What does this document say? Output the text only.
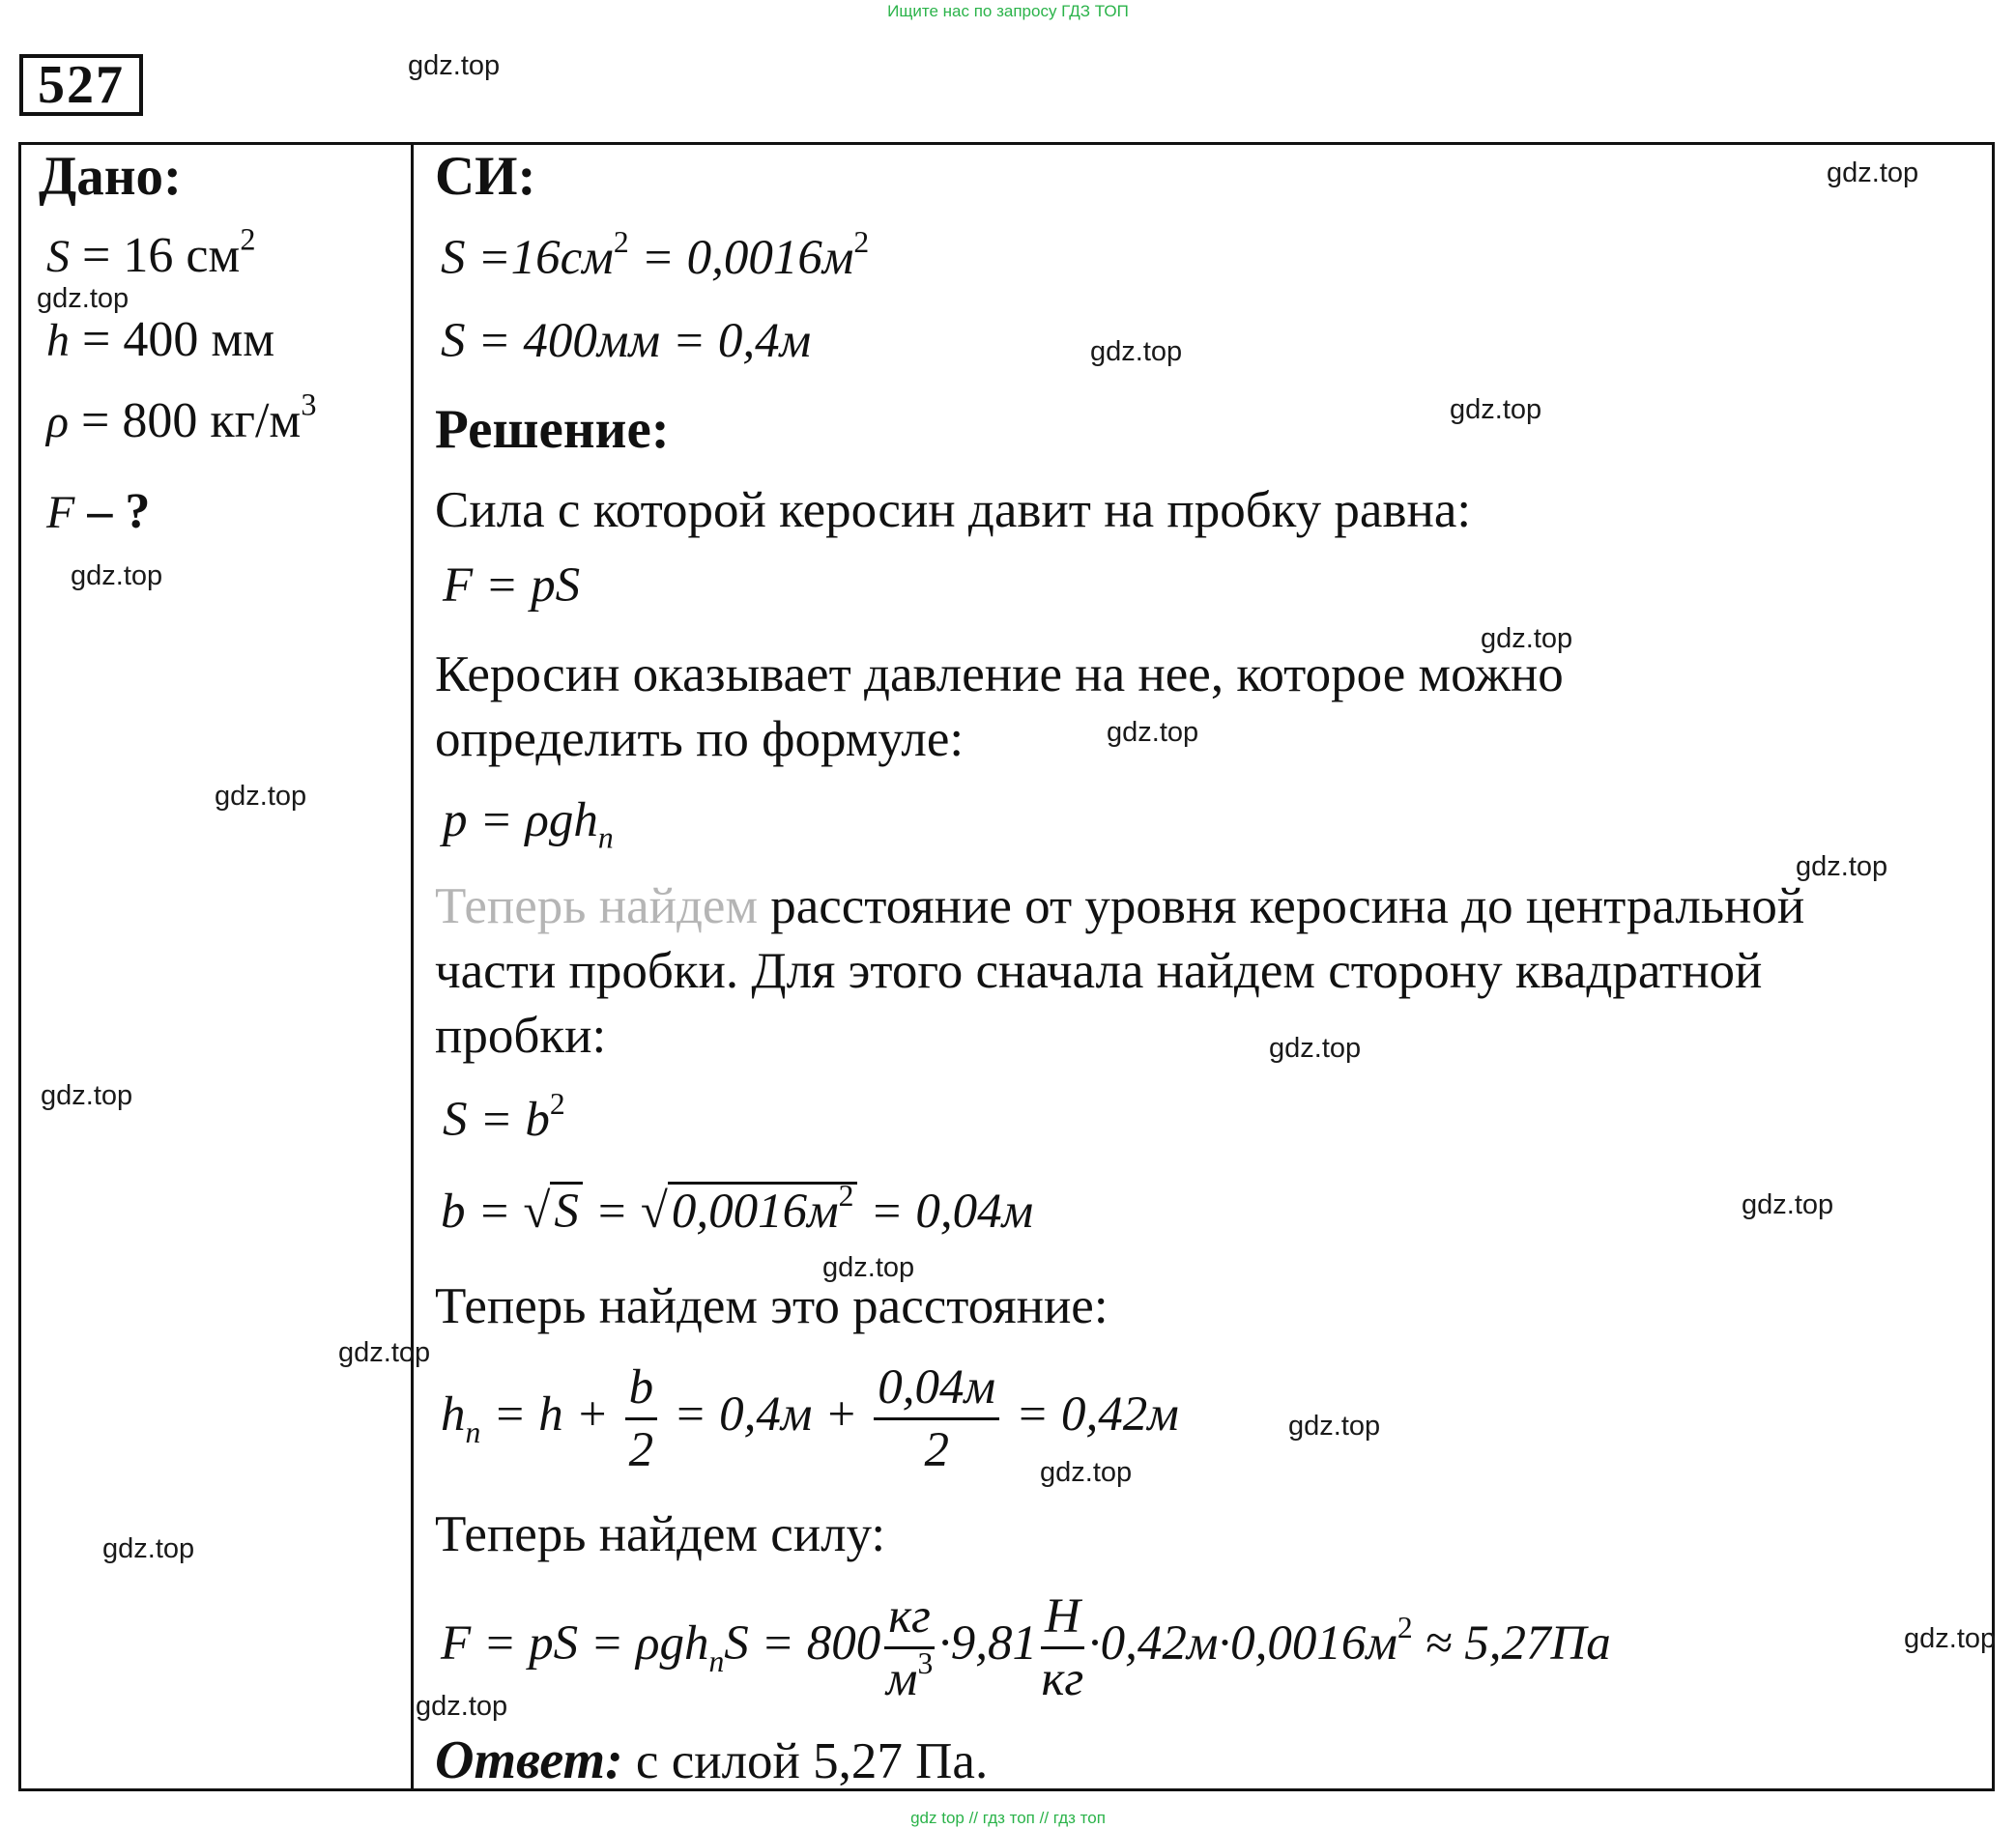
Ищите нас по запросу ГДЗ ТОП
527
Дано:
S = 16 $см^2$
h = 400 мм
ρ = 800 $кг/м^3$
F – ?
СИ:
$S =16см^2 = 0,0016м^2$
S = 400мм = 0,4м
Решение:
Сила с которой керосин давит на пробку равна:
F = pS
Керосин оказывает давление на нее, которое можно
определить по формуле:
p = ρgh$_п$
Теперь найдем расстояние от уровня керосина до центральной
части пробки. Для этого сначала найдем сторону квадратной
пробки:
$S = b^2$
$b = √S = √0,0016м^2 = 0,04м$
Теперь найдем это расстояние:
$h_п = h + \frac{b}{2} = 0,4м + \frac{0,04м}{2} = 0,42м$
Теперь найдем силу:
F = pS = $\rho gh_пS = 800 \frac{кг}{м^3} \cdot 9,81 \frac{Н}{кг} \cdot 0,42м\cdot 0,0016м^2 \approx 5,27Па$
Ответ: с силой 5,27 Па.
gdz.top
gdz.top
gdz.top
gdz.top
gdz.top
gdz.top
gdz.top
gdz.top
gdz.top
gdz.top
gdz.top
gdz.top
gdz.top
gdz.top
gdz.top
gdz.top
gdz.top
gdz.top
gdz.top
gdz.top
gdz top // гдз топ // гдз топ
